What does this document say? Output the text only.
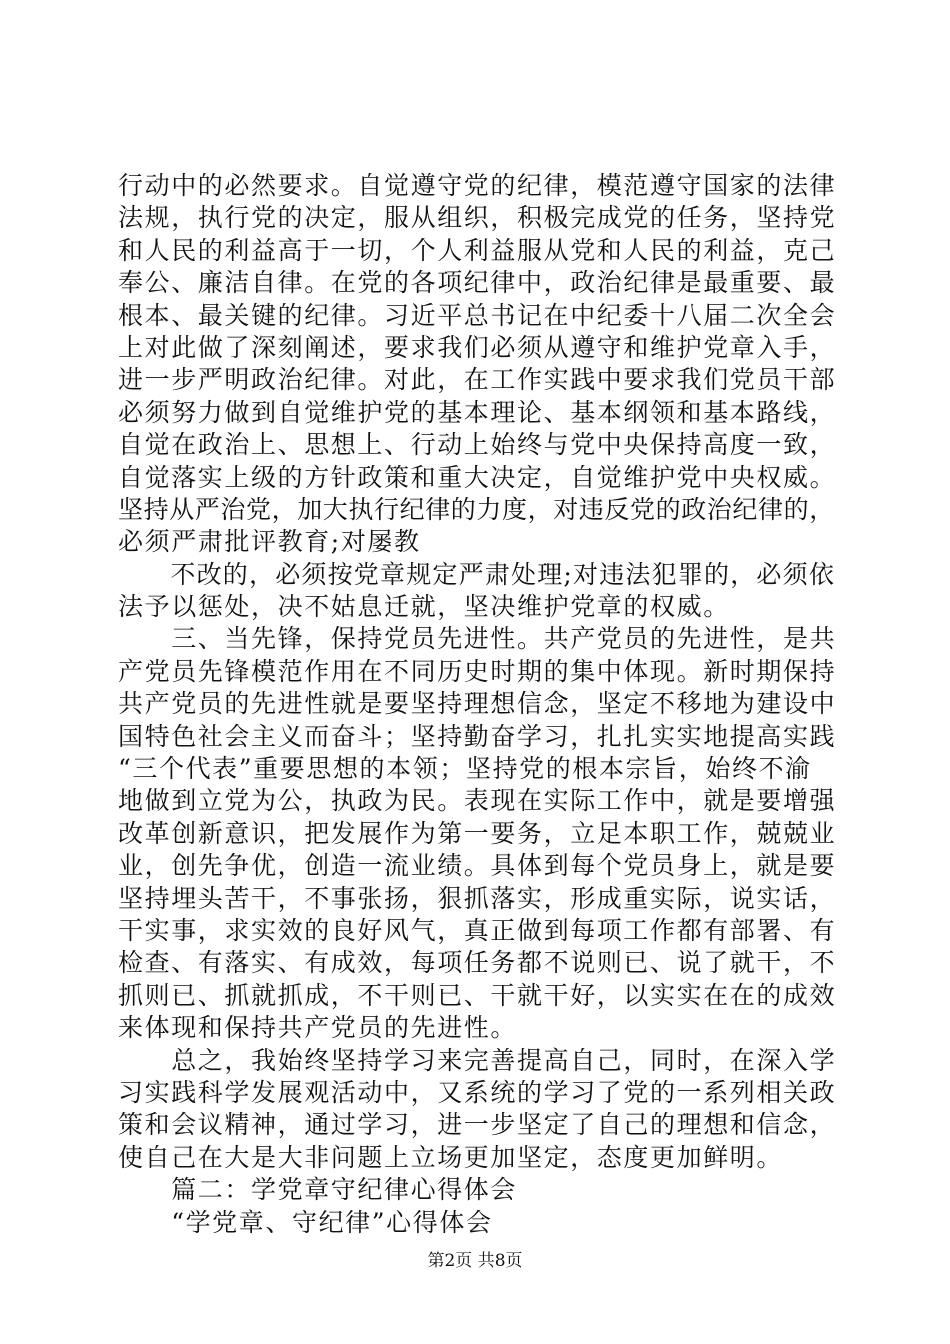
行动中的必然要求。自觉遵守党的纪律，模范遵守国家的法律
法规，执行党的决定，服从组织，积极完成党的任务，坚持党
和人民的利益高于一切，个人利益服从党和人民的利益，克己
奉公、廉洁自律。在党的各项纪律中，政治纪律是最重要、最
根本、最关键的纪律。习近平总书记在中纪委十八届二次全会
上对此做了深刻阐述，要求我们必须从遵守和维护党章入手，
进一步严明政治纪律。对此，在工作实践中要求我们党员干部
必须努力做到自觉维护党的基本理论、基本纲领和基本路线，
自觉在政治上、思想上、行动上始终与党中央保持高度一致，
自觉落实上级的方针政策和重大决定，自觉维护党中央权威。
坚持从严治党，加大执行纪律的力度，对违反党的政治纪律的，
必须严肃批评教育;对屡教
　　不改的，必须按党章规定严肃处理;对违法犯罪的，必须依
法予以惩处，决不姑息迁就，坚决维护党章的权威。
　　三、当先锋，保持党员先进性。共产党员的先进性，是共
产党员先锋模范作用在不同历史时期的集中体现。新时期保持
共产党员的先进性就是要坚持理想信念，坚定不移地为建设中
国特色社会主义而奋斗；坚持勤奋学习，扎扎实实地提高实践
“三个代表”重要思想的本领；坚持党的根本宗旨，始终不渝
地做到立党为公，执政为民。表现在实际工作中，就是要增强
改革创新意识，把发展作为第一要务，立足本职工作，兢兢业
业，创先争优，创造一流业绩。具体到每个党员身上，就是要
坚持埋头苦干，不事张扬，狠抓落实，形成重实际，说实话，
干实事，求实效的良好风气，真正做到每项工作都有部署、有
检查、有落实、有成效，每项任务都不说则已、说了就干，不
抓则已、抓就抓成，不干则已、干就干好，以实实在在的成效
来体现和保持共产党员的先进性。
　　总之，我始终坚持学习来完善提高自己，同时，在深入学
习实践科学发展观活动中，又系统的学习了党的一系列相关政
策和会议精神，通过学习，进一步坚定了自己的理想和信念，
使自己在大是大非问题上立场更加坚定，态度更加鲜明。
　　篇二：学党章守纪律心得体会
　　“学党章、守纪律”心得体会
第2页 共8页
